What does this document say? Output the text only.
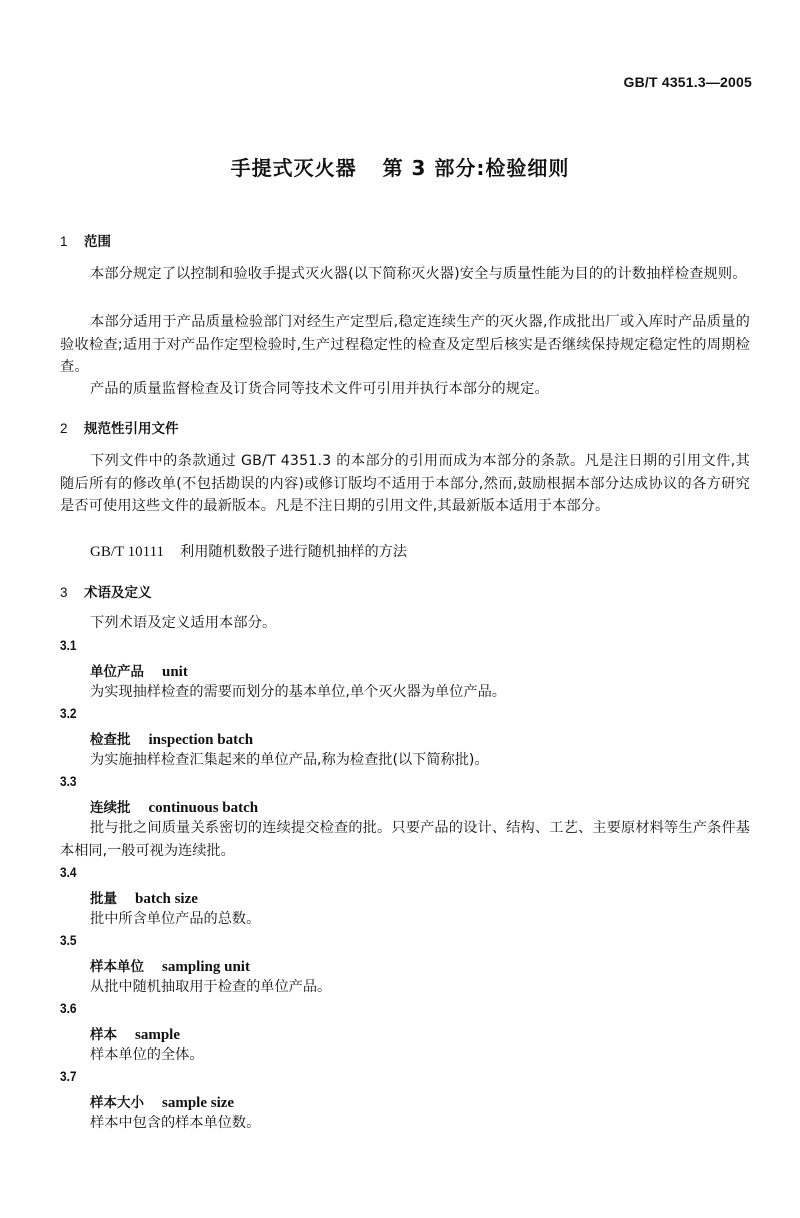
GB/T 4351.3—2005
手提式灭火器 第 3 部分:检验细则
1 范围
本部分规定了以控制和验收手提式灭火器(以下简称灭火器)安全与质量性能为目的的计数抽样检查规则。
本部分适用于产品质量检验部门对经生产定型后,稳定连续生产的灭火器,作成批出厂或入库时产品质量的验收检查;适用于对产品作定型检验时,生产过程稳定性的检查及定型后核实是否继续保持规定稳定性的周期检查。
产品的质量监督检查及订货合同等技术文件可引用并执行本部分的规定。
2 规范性引用文件
下列文件中的条款通过 GB/T 4351.3 的本部分的引用而成为本部分的条款。凡是注日期的引用文件,其随后所有的修改单(不包括勘误的内容)或修订版均不适用于本部分,然而,鼓励根据本部分达成协议的各方研究是否可使用这些文件的最新版本。凡是不注日期的引用文件,其最新版本适用于本部分。
GB/T 10111 利用随机数骰子进行随机抽样的方法
3 术语及定义
下列术语及定义适用本部分。
3.1
单位产品 unit
为实现抽样检查的需要而划分的基本单位,单个灭火器为单位产品。
3.2
检查批 inspection batch
为实施抽样检查汇集起来的单位产品,称为检查批(以下简称批)。
3.3
连续批 continuous batch
批与批之间质量关系密切的连续提交检查的批。只要产品的设计、结构、工艺、主要原材料等生产条件基本相同,一般可视为连续批。
3.4
批量 batch size
批中所含单位产品的总数。
3.5
样本单位 sampling unit
从批中随机抽取用于检查的单位产品。
3.6
样本 sample
样本单位的全体。
3.7
样本大小 sample size
样本中包含的样本单位数。
